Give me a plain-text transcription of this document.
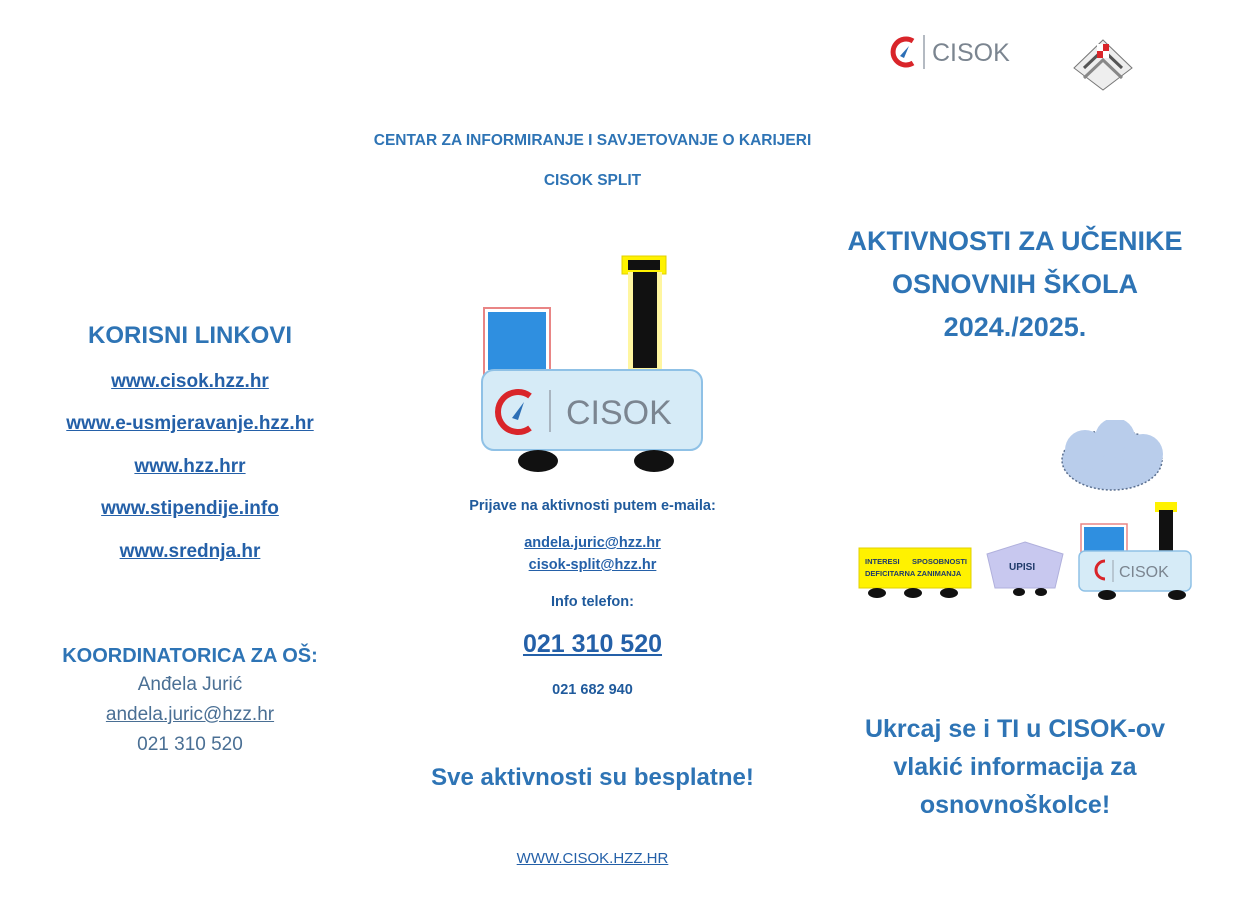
CISOK
CENTAR ZA INFORMIRANJE I SAVJETOVANJE O KARIJERI
CISOK SPLIT
KORISNI LINKOVI
www.cisok.hzz.hr
www.e-usmjeravanje.hzz.hr
www.hzz.hrr
www.stipendije.info
www.srednja.hr
KOORDINATORICA ZA OŠ:
Anđela Jurić
andela.juric@hzz.hr
021 310 520
CISOK
Prijave na aktivnosti putem e-maila:
andela.juric@hzz.hr
cisok-split@hzz.hr
Info telefon:
021 310 520
021 682 940
Sve aktivnosti su besplatne!
WWW.CISOK.HZZ.HR
AKTIVNOSTI ZA UČENIKE
OSNOVNIH ŠKOLA
2024./2025.
INTERESI SPOSOBNOSTI
DEFICITARNA ZANIMANJA
UPISI	CISOK
Ukrcaj se i TI u CISOK-ov
vlakić informacija za
osnovnoškolce!
